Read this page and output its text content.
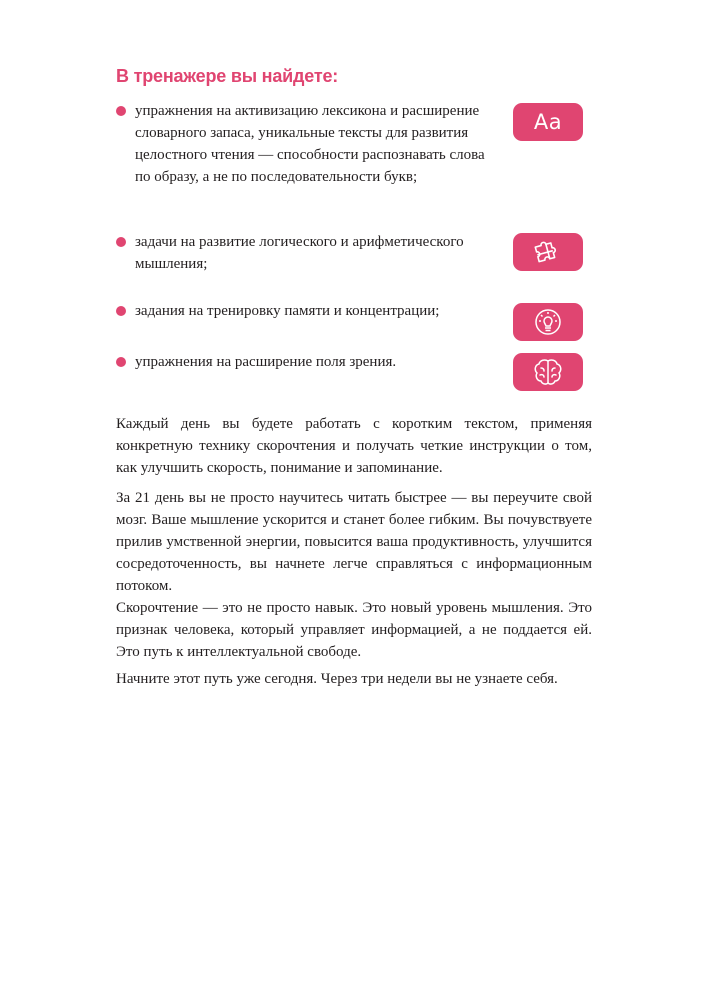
В тренажере вы найдете:

упражнения на активизацию лексикона и расширение словарного запаса, уникальные тексты для развития целостного чтения — способности распознавать слова по образу, а не по последовательности букв;

Aa

задачи на развитие логического и арифметического мышления;

задания на тренировку памяти и концентрации;

упражнения на расширение поля зрения.

Каждый день вы будете работать с коротким текстом, применяя конкретную технику скорочтения и получать четкие инструкции о том, как улучшить скорость, понимание и запоминание.

За 21 день вы не просто научитесь читать быстрее — вы переучите свой мозг. Ваше мышление ускорится и станет более гибким. Вы почувствуете прилив умственной энергии, повысится ваша продуктивность, улучшится сосредоточенность, вы начнете легче справляться с информационным потоком.

Скорочтение — это не просто навык. Это новый уровень мышления. Это признак человека, который управляет информацией, а не поддается ей. Это путь к интеллектуальной свободе.

Начните этот путь уже сегодня. Через три недели вы не узнаете себя.
